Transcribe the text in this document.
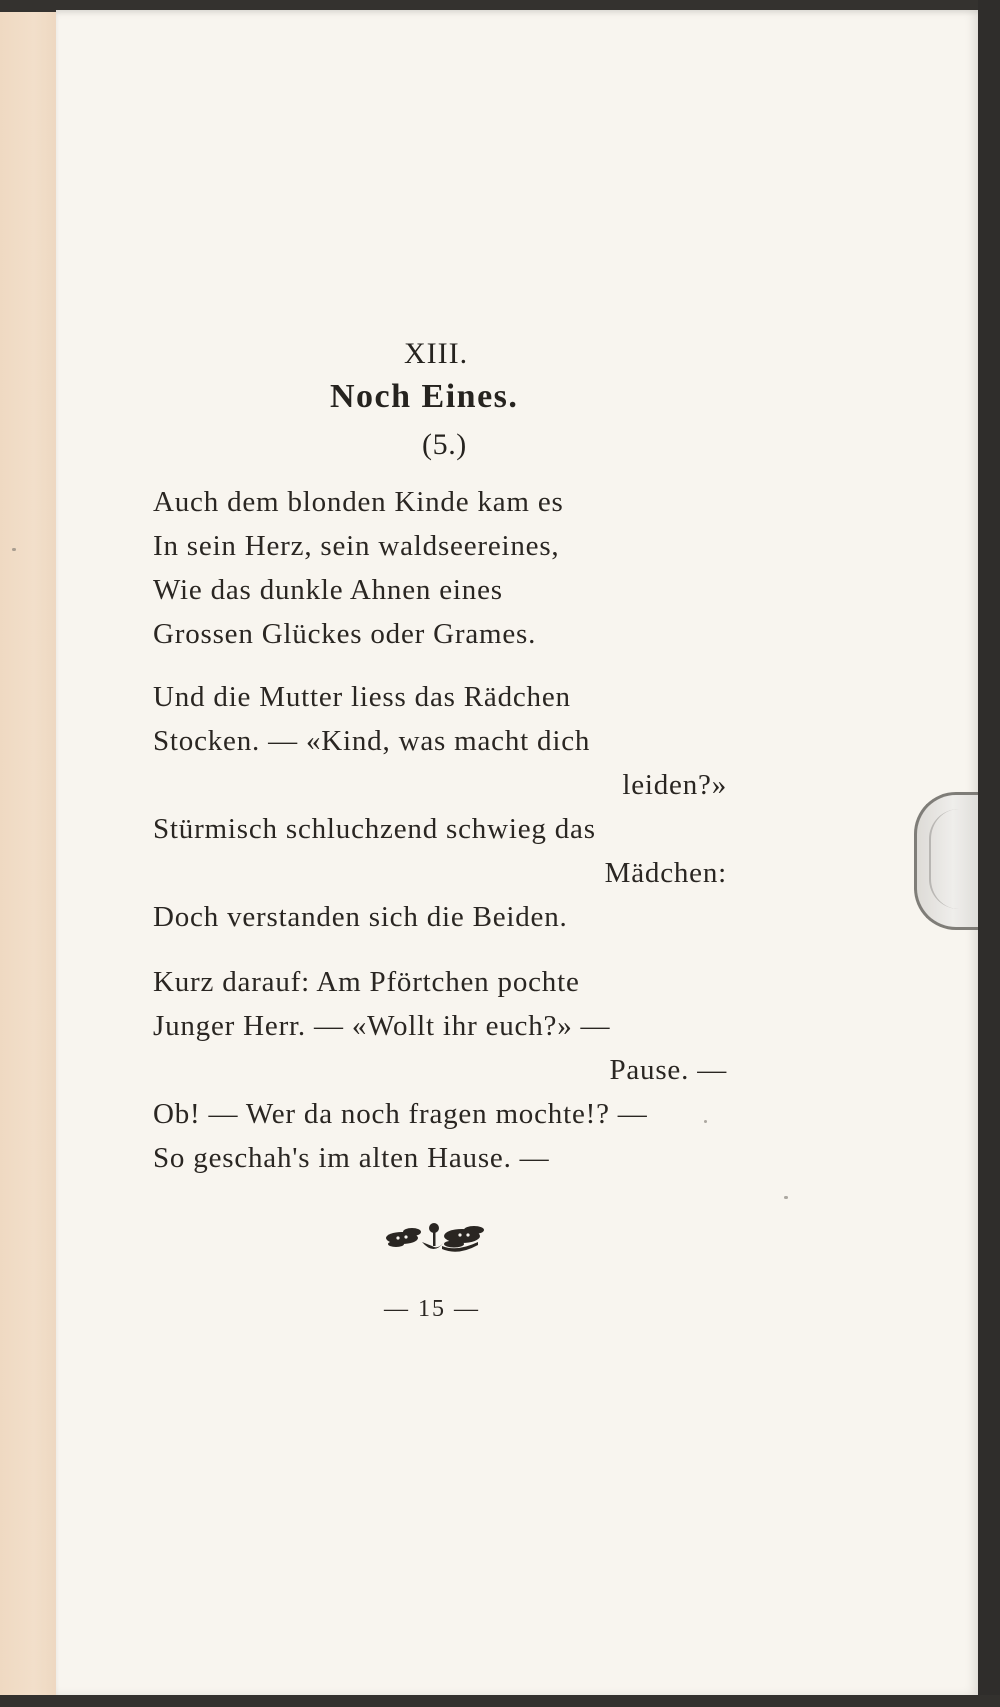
XIII.
Noch Eines.
(5.)
Auch dem blonden Kinde kam es
In sein Herz, sein waldseereines,
Wie das dunkle Ahnen eines
Grossen Glückes oder Grames.
Und die Mutter liess das Rädchen
Stocken. — «Kind, was macht dich
leiden?»
Stürmisch schluchzend schwieg das
Mädchen:
Doch verstanden sich die Beiden.
Kurz darauf: Am Pförtchen pochte
Junger Herr. — «Wollt ihr euch?» —
Pause. —
Ob! — Wer da noch fragen mochte!? —
So geschah's im alten Hause. —
— 15 —
